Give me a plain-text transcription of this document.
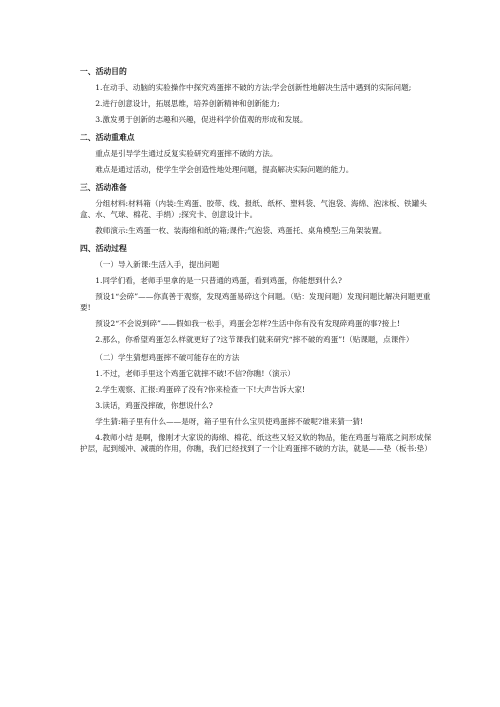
一、活动目的

1.在动手、动脑的实验操作中探究鸡蛋摔不破的方法;学会创新性地解决生活中遇到的实际问题;

2.进行创意设计，拓展思维，培养创新精神和创新能力;

3.激发勇于创新的志趣和兴趣，促进科学价值观的形成和发展。

二、活动重难点

重点是引导学生通过反复实验研究鸡蛋摔不破的方法。

难点是通过活动，使学生学会创造性地处理问题，提高解决实际问题的能力。

三、活动准备

分组材料:材料箱（内装:生鸡蛋、胶带、线、报纸、纸杯、塑料袋、气泡袋、海绵、泡沫板、铁罐头盒、水、气球、棉花、手绢）;探究卡、创意设计卡。

教师演示:生鸡蛋一枚、装海绵和纸的箱;课件;气泡袋、鸡蛋托、桌角模型;三角架装置。

四、活动过程

（一）导入新课:生活入手，提出问题

1.同学们看，老师手里拿的是一只普通的鸡蛋，看到鸡蛋，你能想到什么?

预设1“会碎”——你真善于观察，发现鸡蛋易碎这个问题。（贴：发现问题）发现问题比解决问题更重要!

预设2“不会说到碎”——假如我一松手，鸡蛋会怎样?生活中你有没有发现碎鸡蛋的事?接上!

2.那么，你希望鸡蛋怎么样就更好了?这节课我们就来研究“摔不破的鸡蛋”!（贴课题，点课件）

（二）学生猜想鸡蛋摔不破可能存在的方法

1.不过，老师手里这个鸡蛋它就摔不破!不信?你瞧!（演示）

2.学生观察、汇报:鸡蛋碎了没有?你来检查一下!大声告诉大家!

3.读话，鸡蛋没摔破，你想说什么?

学生猜:箱子里有什么——是呀，箱子里有什么宝贝使鸡蛋摔不破呢?谁来猜一猜!

4.教师小结 是啊，像刚才大家说的海绵、棉花、纸这些又轻又软的物品，能在鸡蛋与箱底之间形成保护层，起到缓冲、减震的作用，你瞧，我们已经找到了一个让鸡蛋摔不破的方法，就是——垫（板书:垫）
